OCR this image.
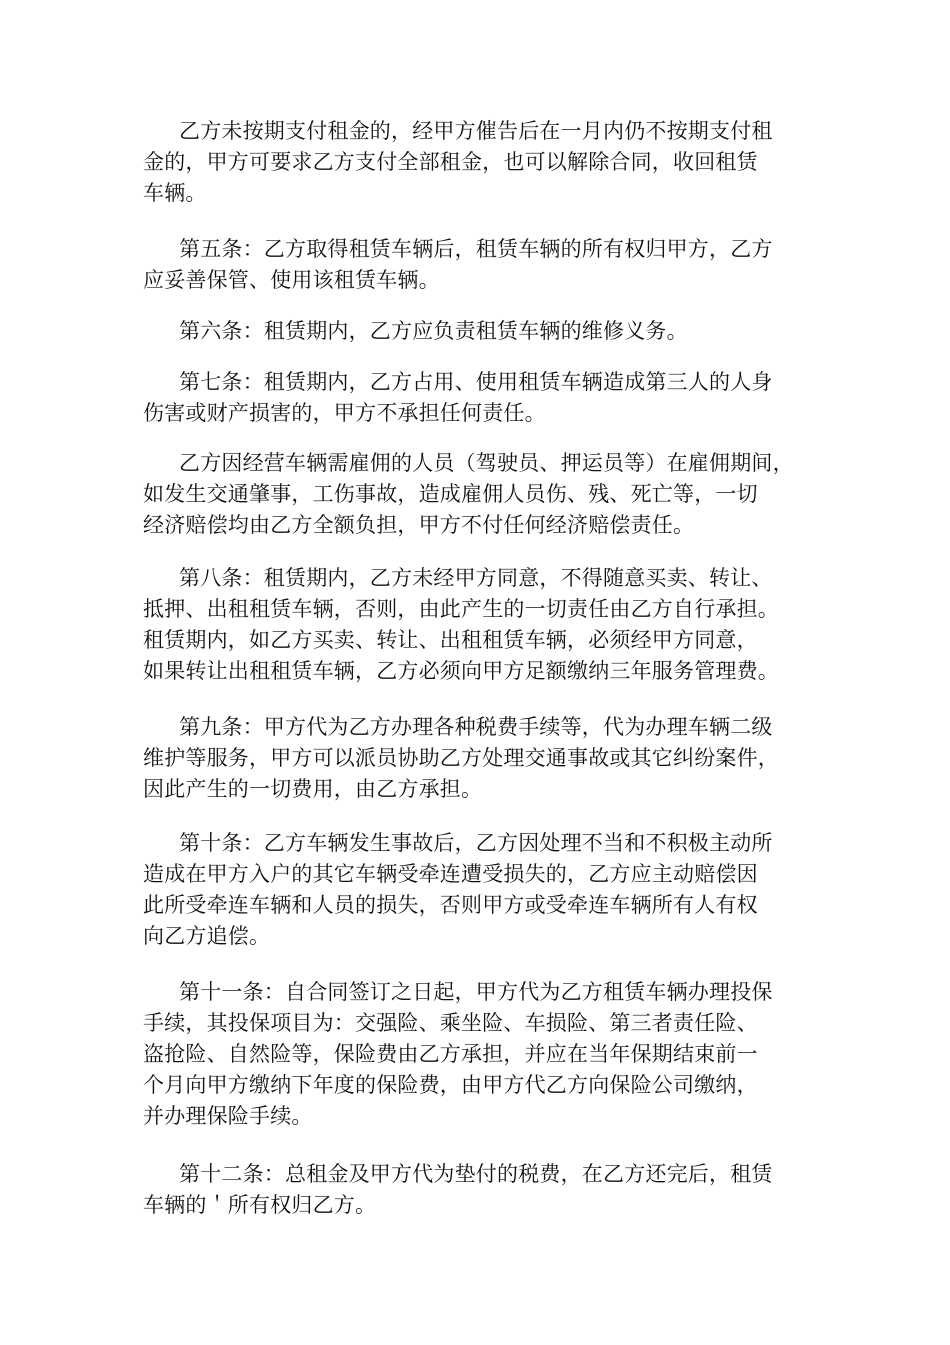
乙方未按期支付租金的，经甲方催告后在一月内仍不按期支付租
金的，甲方可要求乙方支付全部租金，也可以解除合同，收回租赁
车辆。
第五条：乙方取得租赁车辆后，租赁车辆的所有权归甲方，乙方
应妥善保管、使用该租赁车辆。
第六条：租赁期内，乙方应负责租赁车辆的维修义务。
第七条：租赁期内，乙方占用、使用租赁车辆造成第三人的人身
伤害或财产损害的，甲方不承担任何责任。
乙方因经营车辆需雇佣的人员（驾驶员、押运员等）在雇佣期间，
如发生交通肇事，工伤事故，造成雇佣人员伤、残、死亡等，一切
经济赔偿均由乙方全额负担，甲方不付任何经济赔偿责任。
第八条：租赁期内，乙方未经甲方同意，不得随意买卖、转让、
抵押、出租租赁车辆，否则，由此产生的一切责任由乙方自行承担。
租赁期内，如乙方买卖、转让、出租租赁车辆，必须经甲方同意，
如果转让出租租赁车辆，乙方必须向甲方足额缴纳三年服务管理费。
第九条：甲方代为乙方办理各种税费手续等，代为办理车辆二级
维护等服务，甲方可以派员协助乙方处理交通事故或其它纠纷案件，
因此产生的一切费用，由乙方承担。
第十条：乙方车辆发生事故后，乙方因处理不当和不积极主动所
造成在甲方入户的其它车辆受牵连遭受损失的，乙方应主动赔偿因
此所受牵连车辆和人员的损失，否则甲方或受牵连车辆所有人有权
向乙方追偿。
第十一条：自合同签订之日起，甲方代为乙方租赁车辆办理投保
手续，其投保项目为：交强险、乘坐险、车损险、第三者责任险、
盗抢险、自然险等，保险费由乙方承担，并应在当年保期结束前一
个月向甲方缴纳下年度的保险费，由甲方代乙方向保险公司缴纳，
并办理保险手续。
第十二条：总租金及甲方代为垫付的税费，在乙方还完后，租赁
车辆的＇所有权归乙方。
